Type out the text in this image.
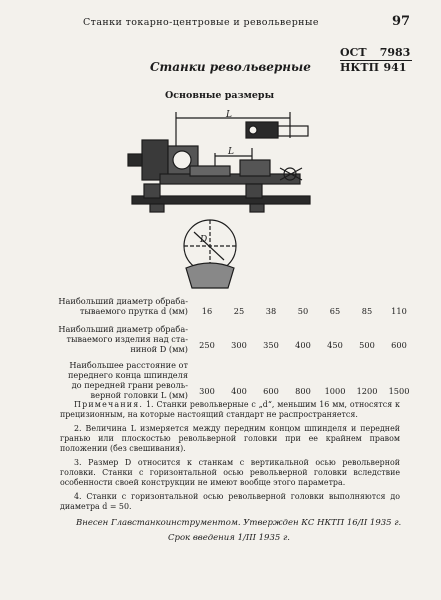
Станки токарно-центровые и револьверные	97
ОСТ	7983
НКТП 941
Станки револьверные
Основные размеры
L
L
D
Наибольший диаметр обраба-
тываемого прутка d (мм)	16	25	38	50	65	85	110
Наибольший диаметр обраба-
тываемого изделия над ста-
ниной D (мм)	250	300	350	400	450	500	600
Наибольшее расстояние от
переднего конца шпинделя
до передней грани револь-
верной головки L (мм)	300	400	600	800	1000	1200	1500

Примечания. 1. Станки револьверные с „d“, меньшим 16 мм, относятся к прецизионным, на которые настоящий стандарт не распространяется.

2. Величина L измеряется между передним концом шпинделя и передней гранью или плоскостью револьверной головки при ее крайнем правом положении (без свешивания).

3. Размер D относится к станкам с вертикальной осью револьверной головки. Станки с горизонтальной осью револьверной головки вследствие особенности своей конструкции не имеют вообще этого параметра.

4. Станки с горизонтальной осью револьверной головки выполняются до диаметра d = 50.

Внесен Главстанкоинструментом. Утвержден КС НКТП 16/II 1935 г.
Срок введения 1/III 1935 г.
